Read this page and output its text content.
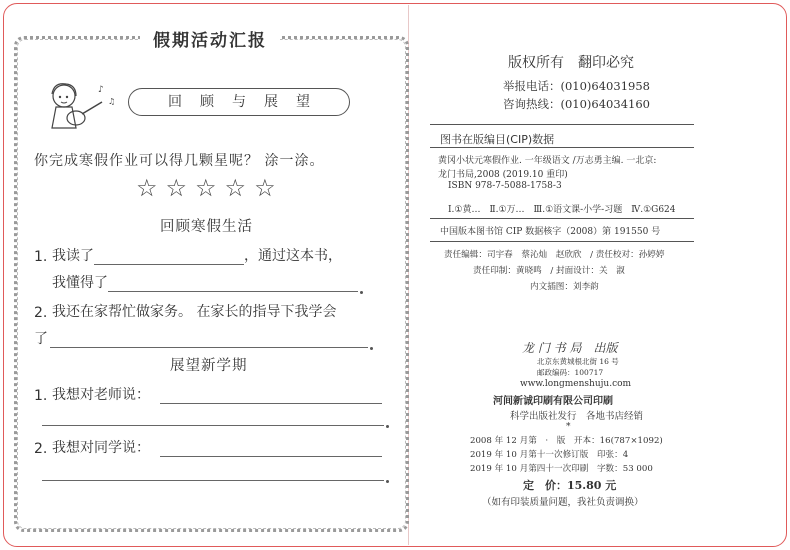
假期活动汇报
♪
♫	回顾与展望
你完成寒假作业可以得几颗星呢？ 涂一涂。
☆☆☆☆☆
回顾寒假生活
1. 我读了	，通过这本书，
我懂得了
2. 我还在家帮忙做家务。 在家长的指导下我学会
了
展望新学期
1. 我想对老师说：
2. 我想对同学说：
版权所有　翻印必究
举报电话：(010)64031958
咨询热线：(010)64034160
图书在版编目(CIP)数据
黄冈小状元寒假作业. 一年级语文 /万志勇主编. 一北京:
龙门书局,2008 (2019.10 重印)
ISBN 978-7-5088-1758-3
Ⅰ.①黄…　Ⅱ.①万…　Ⅲ.①语文课-小学-习题　Ⅳ.①G624
中国版本图书馆 CIP 数据核字（2008）第 191550 号
责任编辑：司宇春　蔡沁灿　赵欣欣　/ 责任校对：孙婷婷
责任印制：黄晓鸣　/ 封面设计：关　淑
内文插图：刘李韵
龙 门 书 局　出版
北京东黄城根北街 16 号
邮政编码：100717
www.longmenshuju.com
河间新诚印刷有限公司印刷
科学出版社发行　各地书店经销
*
2008 年 12 月第　·　版　开本：16(787×1092)
2019 年 10 月第十一次修订版　印张：4
2019 年 10 月第四十一次印刷　字数：53 000
定　价：15.80 元
（如有印装质量问题，我社负责调换）
